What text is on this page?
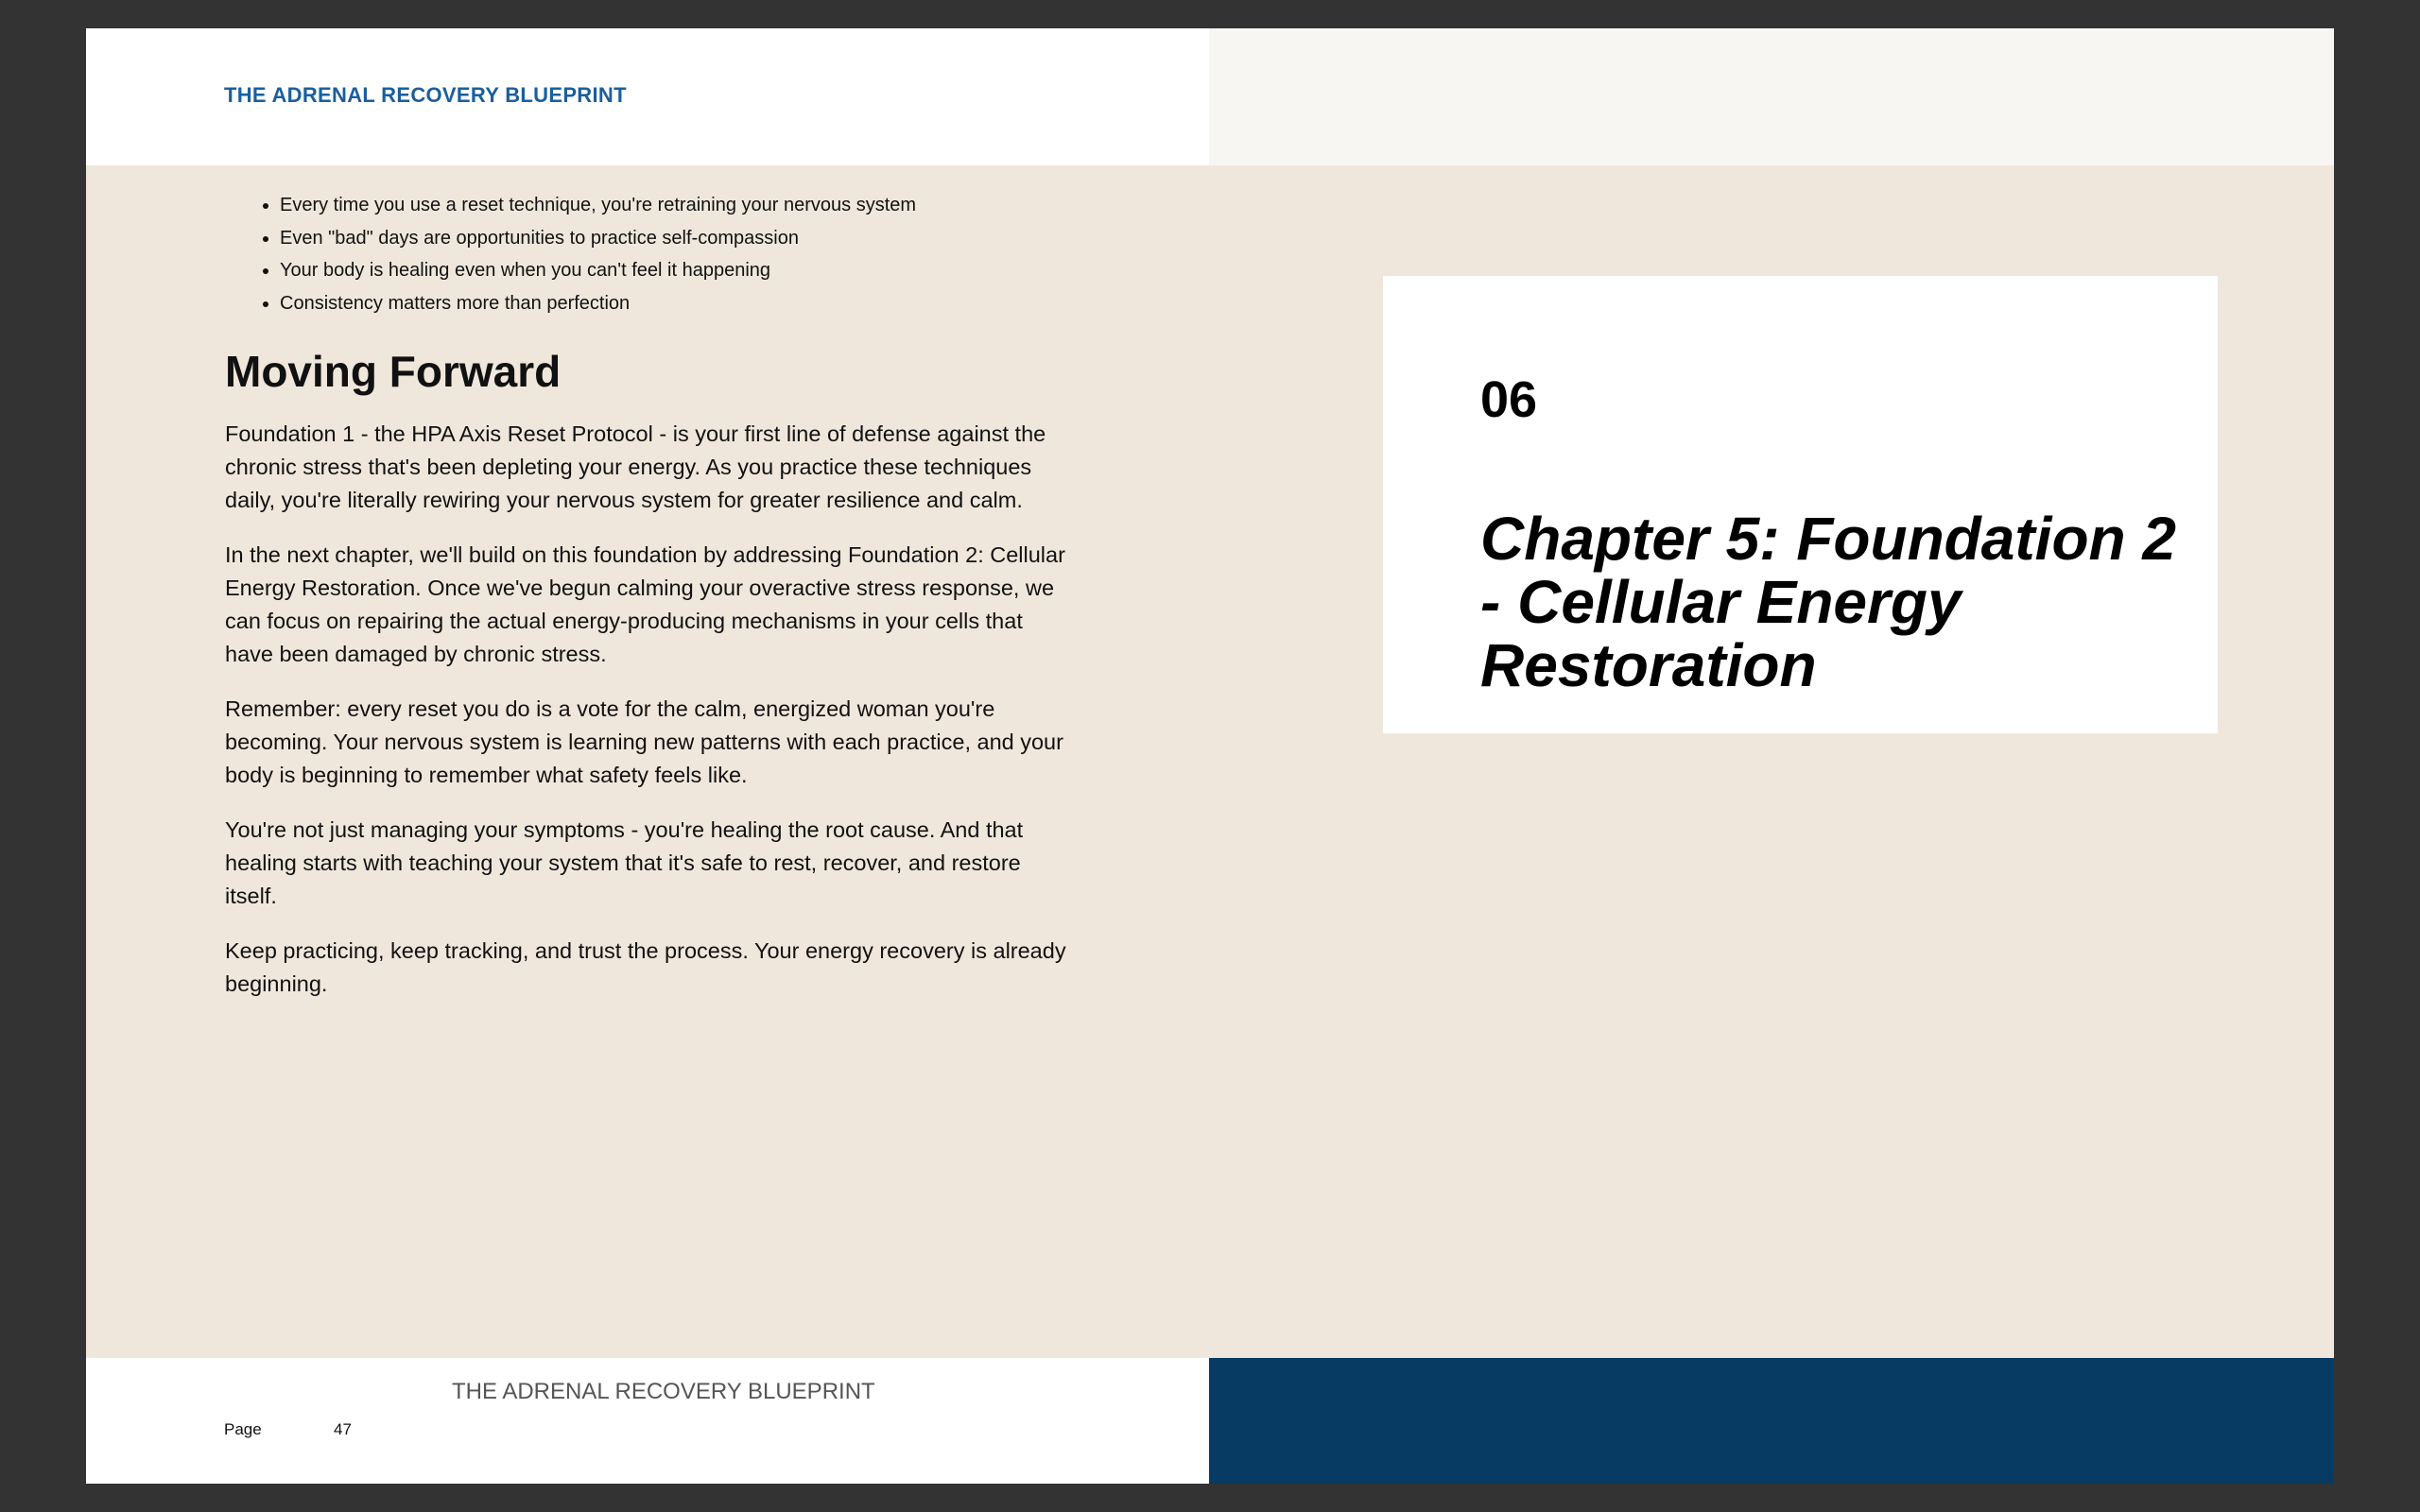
THE ADRENAL RECOVERY BLUEPRINT
• Every time you use a reset technique, you're retraining your nervous system
• Even "bad" days are opportunities to practice self-compassion
• Your body is healing even when you can't feel it happening
• Consistency matters more than perfection
Moving Forward

Foundation 1 - the HPA Axis Reset Protocol - is your first line of defense against the chronic stress that's been depleting your energy. As you practice these techniques daily, you're literally rewiring your nervous system for greater resilience and calm.

In the next chapter, we'll build on this foundation by addressing Foundation 2: Cellular Energy Restoration. Once we've begun calming your overactive stress response, we can focus on repairing the actual energy-producing mechanisms in your cells that have been damaged by chronic stress.

Remember: every reset you do is a vote for the calm, energized woman you're becoming. Your nervous system is learning new patterns with each practice, and your body is beginning to remember what safety feels like.

You're not just managing your symptoms - you're healing the root cause. And that healing starts with teaching your system that it's safe to rest, recover, and restore itself.

Keep practicing, keep tracking, and trust the process. Your energy recovery is already beginning.

THE ADRENAL RECOVERY BLUEPRINT
Page	47
06
Chapter 5: Foundation 2 - Cellular Energy Restoration
